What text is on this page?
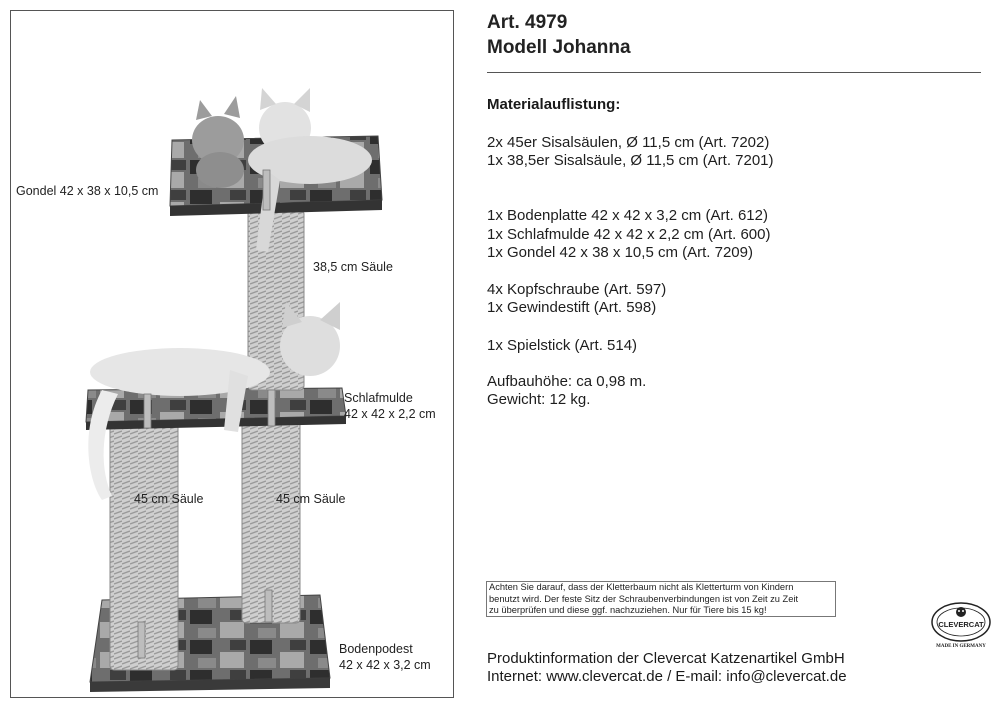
Gondel 42 x 38 x 10,5 cm
38,5 cm Säule
Schlafmulde
42 x 42 x 2,2 cm
45 cm Säule	45 cm Säule
Bodenpodest
42 x 42 x 3,2 cm
Art. 4979
Modell Johanna
Materialauflistung:
2x 45er Sisalsäulen, Ø 11,5 cm (Art. 7202)
1x 38,5er Sisalsäule, Ø 11,5 cm (Art. 7201)
1x Bodenplatte 42 x 42 x 3,2 cm (Art. 612)
1x Schlafmulde 42 x 42 x 2,2 cm (Art. 600)
1x Gondel 42 x 38 x 10,5 cm (Art. 7209)
4x Kopfschraube (Art. 597)
1x Gewindestift (Art. 598)
1x Spielstick (Art. 514)
Aufbauhöhe: ca 0,98 m.
Gewicht: 12 kg.
Achten Sie darauf, dass der Kletterbaum nicht als Kletterturm von Kindern
benutzt wird. Der feste Sitz der Schraubenverbindungen ist von Zeit zu Zeit
zu überprüfen und diese ggf. nachzuziehen. Nur für Tiere bis 15 kg!
CLEVERCAT
MADE IN GERMANY
Produktinformation der Clevercat Katzenartikel GmbH
Internet: www.clevercat.de / E-mail: info@clevercat.de
